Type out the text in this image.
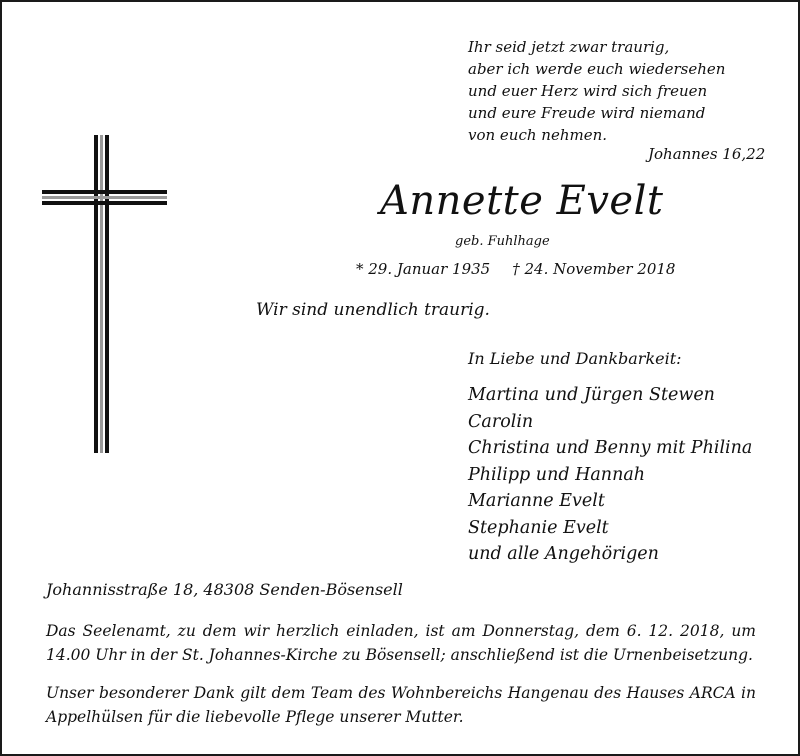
Ihr seid jetzt zwar traurig,
aber ich werde euch wiedersehen
und euer Herz wird sich freuen
und eure Freude wird niemand
von euch nehmen.
Johannes 16,22
Annette Evelt
geb. Fuhlhage
* 29. Januar 1935 † 24. November 2018
Wir sind unendlich traurig.
In Liebe und Dankbarkeit:
Martina und Jürgen Stewen
Carolin
Christina und Benny mit Philina
Philipp und Hannah
Marianne Evelt
Stephanie Evelt
und alle Angehörigen
Johannisstraße 18, 48308 Senden-Bösensell
Das Seelenamt, zu dem wir herzlich einladen, ist am Donnerstag, dem 6. 12. 2018, um 14.00 Uhr in der St. Johannes-Kirche zu Bösensell; anschließend ist die Urnenbeisetzung.
Unser besonderer Dank gilt dem Team des Wohnbereichs Hangenau des Hauses ARCA in Appelhülsen für die liebevolle Pflege unserer Mutter.
